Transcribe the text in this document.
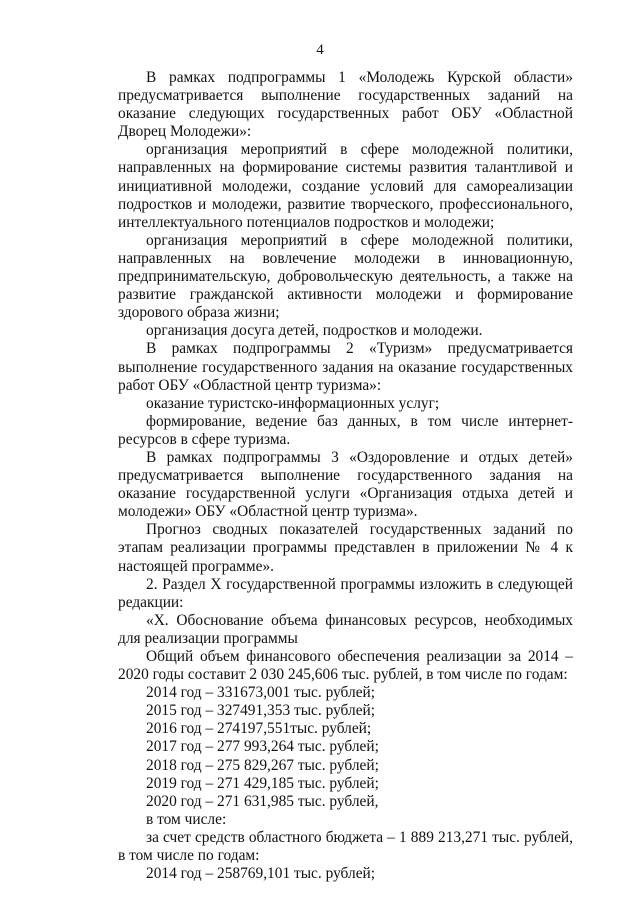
4

В рамках подпрограммы 1 «Молодежь Курской области» предусматривается выполнение государственных заданий на оказание следующих государственных работ ОБУ «Областной Дворец Молодежи»:

организация мероприятий в сфере молодежной политики, направленных на формирование системы развития талантливой и инициативной молодежи, создание условий для самореализации подростков и молодежи, развитие творческого, профессионального, интеллектуального потенциалов подростков и молодежи;

организация мероприятий в сфере молодежной политики, направленных на вовлечение молодежи в инновационную, предпринимательскую, добровольческую деятельность, а также на развитие гражданской активности молодежи и формирование здорового образа жизни;

организация досуга детей, подростков и молодежи.

В рамках подпрограммы 2 «Туризм» предусматривается выполнение государственного задания на оказание государственных работ ОБУ «Областной центр туризма»:

оказание туристско-информационных услуг;

формирование, ведение баз данных, в том числе интернет-ресурсов в сфере туризма.

В рамках подпрограммы 3 «Оздоровление и отдых детей» предусматривается выполнение государственного задания на оказание государственной услуги «Организация отдыха детей и молодежи» ОБУ «Областной центр туризма».

Прогноз сводных показателей государственных заданий по этапам реализации программы представлен в приложении № 4 к настоящей программе».

2. Раздел X государственной программы изложить в следующей редакции:

«X. Обоснование объема финансовых ресурсов, необходимых для реализации программы

Общий объем финансового обеспечения реализации за 2014 – 2020 годы составит 2 030 245,606 тыс. рублей, в том числе по годам:

2014 год – 331673,001 тыс. рублей;

2015 год – 327491,353 тыс. рублей;

2016 год – 274197,551тыс. рублей;

2017 год – 277 993,264 тыс. рублей;

2018 год – 275 829,267 тыс. рублей;

2019 год – 271 429,185 тыс. рублей;

2020 год – 271 631,985 тыс. рублей,

в том числе:

за счет средств областного бюджета – 1 889 213,271 тыс. рублей, в том числе по годам:

2014 год – 258769,101 тыс. рублей;
